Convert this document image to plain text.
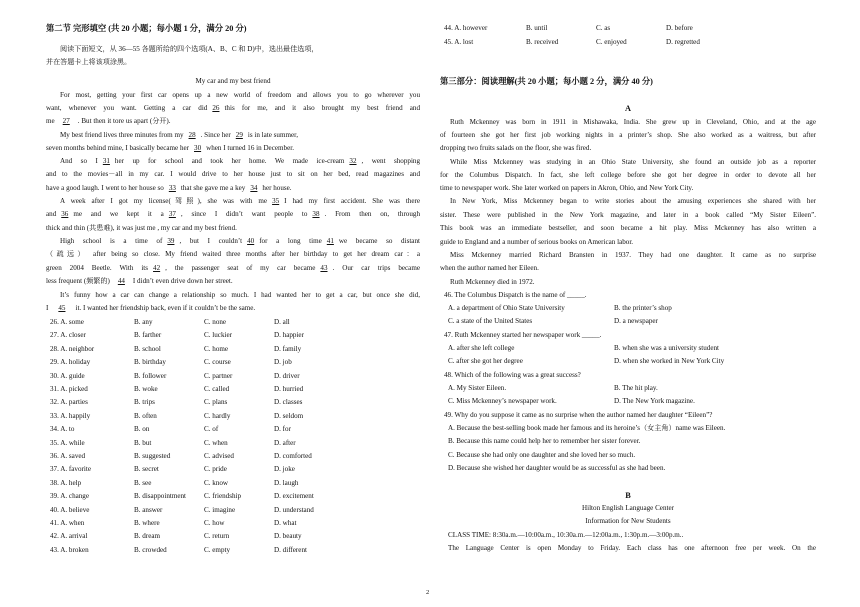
第二节 完形填空 (共 20 小题；每小题 1 分，满分 20 分)
阅读下面短文，从 36—55 各题所给的四个选项(A、B、C 和 D)中，选出最佳选项，
并在答题卡上将该项涂黑。
My car and my best friend
For most, getting your first car opens up a new world of freedom and allows you to go wherever you
want, whenever you want. Getting a car did 26 this for me, and it also brought my best friend and
me 27 . But then it tore us apart (分开).
My best friend lives three minutes from my 28 . Since her 29 is in late summer,
seven months behind mine, I basically became her 30 when I turned 16 in December.
And so I 31 her up for school and took her home. We made ice-cream 32 , went shopping
and to the movies－all in my car. I would drive to her house just to sit on her bed, read magazines and
have a good laugh. I went to her house so 33 that she gave me a key 34 her house.
A week after I got my license(驾照), she was with me 35 I had my first accident. She was there
and 36 me and we kept it a 37 , since I didn’t want people to 38 . From then on, through
thick and thin (共患难), it was just me , my car and my best friend.
High school is a time of 39 , but I couldn’t 40 for a long time 41 we became so distant
（疏远） after being so close. My friend waited three months after her birthday to get her dream car：a
green 2004 Beetle. With its 42 , the passenger seat of my car became 43 . Our car trips became
less frequent (频繁的) 44 I didn’t even drive down her street.
It’s funny how a car can change a relationship so much. I had wanted her to get a car, but once she did,
I 45 it. I wanted her friendship back, even if it couldn’t be the same.
26. A. some	B. any	C. none	D. all
27. A. closer	B. farther	C. luckier	D. happier
28. A. neighbor	B. school	C. home	D. family
29. A. holiday	B. birthday	C. course	D. job
30. A. guide	B. follower	C. partner	D. driver
31. A. picked	B. woke	C. called	D. hurried
32. A. parties	B. trips	C. plans	D. classes
33. A. happily	B. often	C. hardly	D. seldom
34. A. to	B. on	C. of	D. for
35. A. while	B. but	C. when	D. after
36. A. saved	B. suggested	C. advised	D. comforted
37. A. favorite	B. secret	C. pride	D. joke
38. A. help	B. see	C. know	D. laugh
39. A. change	B. disappointment	C. friendship	D. excitement
40. A. believe	B. answer	C. imagine	D. understand
41. A. when	B. where	C. how	D. what
42. A. arrival	B. dream	C. return	D. beauty
43. A. broken	B. crowded	C. empty	D. different
44. A. however	B. until	C. as	D. before
45. A. lost	B. received	C. enjoyed	D. regretted
第三部分：阅读理解(共 20 小题；每小题 2 分，满分 40 分)
A
Ruth Mckenney was born in 1911 in Mishawaka, India. She grew up in Cleveland, Ohio, and at the age
of fourteen she got her first job working nights in a printer’s shop. She also worked as a waitress, but after
dropping two fruits salads on the floor, she was fired.
While Miss Mckenney was studying in an Ohio State University, she found an outside job as a reporter
for the Columbus Dispatch. In fact, she left college before she got her degree in order to devote all her
time to newspaper work. She later worked on papers in Akron, Ohio, and New York City.
In New York, Miss Mckenney began to write stories about the amusing experiences she shared with her
sister. These were published in the New York magazine, and later in a book called “My Sister Eileen”.
This book was an immediate bestseller, and soon became a hit play. Miss Mckenney has also written a
guide to England and a number of serious books on American labor.
Miss Mckenney married Richard Bransten in 1937. They had one daughter. It came as no surprise
when the author named her Eileen.
Ruth Mckenney died in 1972.
46. The Columbus Dispatch is the name of _____.
A. a department of Ohio State University	B. the printer’s shop
C. a state of the United States	D. a newspaper
47. Ruth Mckenney started her newspaper work _____.
A. after she left college	B. when she was a university student
C. after she got her degree	D. when she worked in New York City
48. Which of the following was a great success?
A. My Sister Eileen.	B. The hit play.
C. Miss Mckenney’s newspaper work.	D. The New York magazine.
49. Why do you suppose it came as no surprise when the author named her daughter “Eileen”?
A. Because the best-selling book made her famous and its heroine’s（女主角）name was Eileen.
B. Because this name could help her to remember her sister forever.
C. Because she had only one daughter and she loved her so much.
D. Because she wished her daughter would be as successful as she had been.
B
Hilton English Language Center
Information for New Students
CLASS TIME: 8:30a.m.—10:00a.m., 10:30a.m.—12:00a.m., 1:30p.m.—3:00p.m..
The Language Center is open Monday to Friday. Each class has one afternoon free per week. On the
2
